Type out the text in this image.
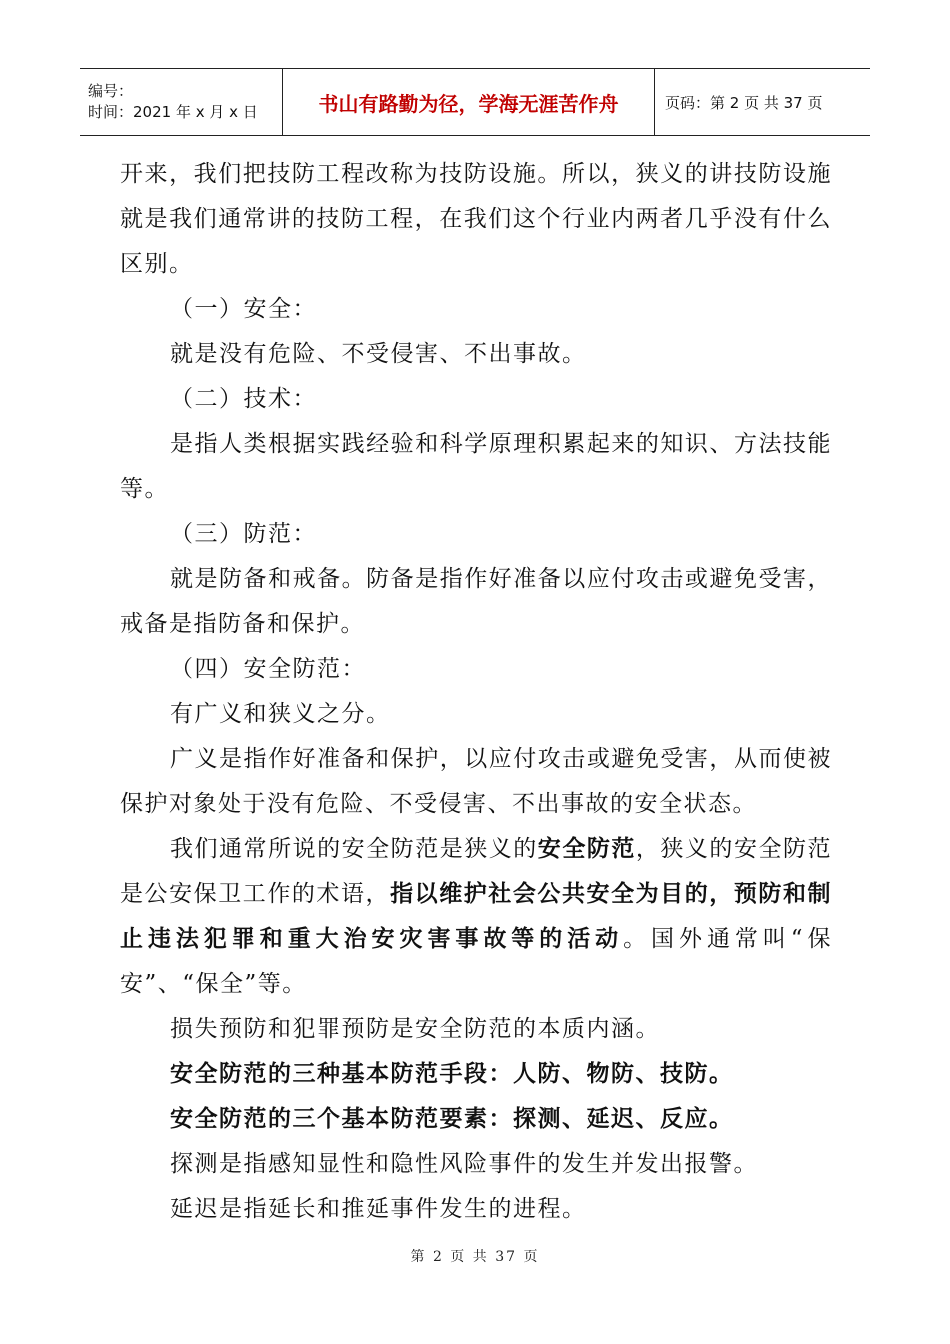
编号：
时间：2021 年 x 月 x 日	书山有路勤为径，学海无涯苦作舟	页码：第 2 页 共 37 页

开来，我们把技防工程改称为技防设施。所以，狭义的讲技防设施就是我们通常讲的技防工程，在我们这个行业内两者几乎没有什么区别。

（一）安全：

就是没有危险、不受侵害、不出事故。

（二）技术：

是指人类根据实践经验和科学原理积累起来的知识、方法技能等。

（三）防范：

就是防备和戒备。防备是指作好准备以应付攻击或避免受害，戒备是指防备和保护。

（四）安全防范：

有广义和狭义之分。

广义是指作好准备和保护，以应付攻击或避免受害，从而使被保护对象处于没有危险、不受侵害、不出事故的安全状态。

我们通常所说的安全防范是狭义的安全防范，狭义的安全防范是公安保卫工作的术语，指以维护社会公共安全为目的，预防和制止违法犯罪和重大治安灾害事故等的活动。国外通常叫“保安”、“保全”等。

损失预防和犯罪预防是安全防范的本质内涵。

安全防范的三种基本防范手段：人防、物防、技防。

安全防范的三个基本防范要素：探测、延迟、反应。

探测是指感知显性和隐性风险事件的发生并发出报警。

延迟是指延长和推延事件发生的进程。

第 2 页 共 37 页
